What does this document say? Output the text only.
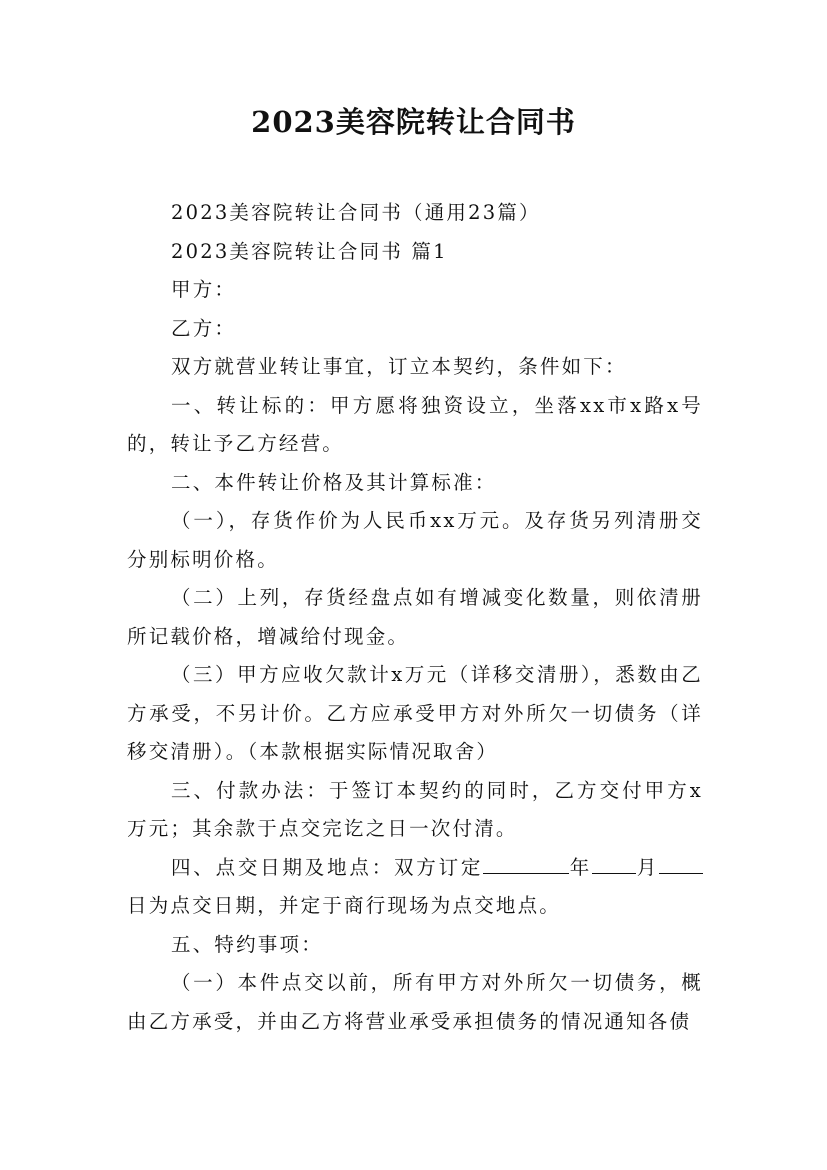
2023美容院转让合同书

2023美容院转让合同书（通用23篇）

2023美容院转让合同书 篇1

甲方：

乙方：

双方就营业转让事宜，订立本契约，条件如下：

一、转让标的：甲方愿将独资设立，坐落xx市x路x号的，转让予乙方经营。

二、本件转让价格及其计算标准：

（一），存货作价为人民币xx万元。及存货另列清册交分别标明价格。

（二）上列，存货经盘点如有增减变化数量，则依清册所记载价格，增减给付现金。

（三）甲方应收欠款计x万元（详移交清册），悉数由乙方承受，不另计价。乙方应承受甲方对外所欠一切债务（详移交清册）。（本款根据实际情况取舍）

三、付款办法：于签订本契约的同时，乙方交付甲方x万元；其余款于点交完讫之日一次付清。

四、点交日期及地点：双方订定	年 月日为点交日期，并定于商行现场为点交地点。

五、特约事项：

（一）本件点交以前，所有甲方对外所欠一切债务，概由乙方承受，并由乙方将营业承受承担债务的情况通知各债
